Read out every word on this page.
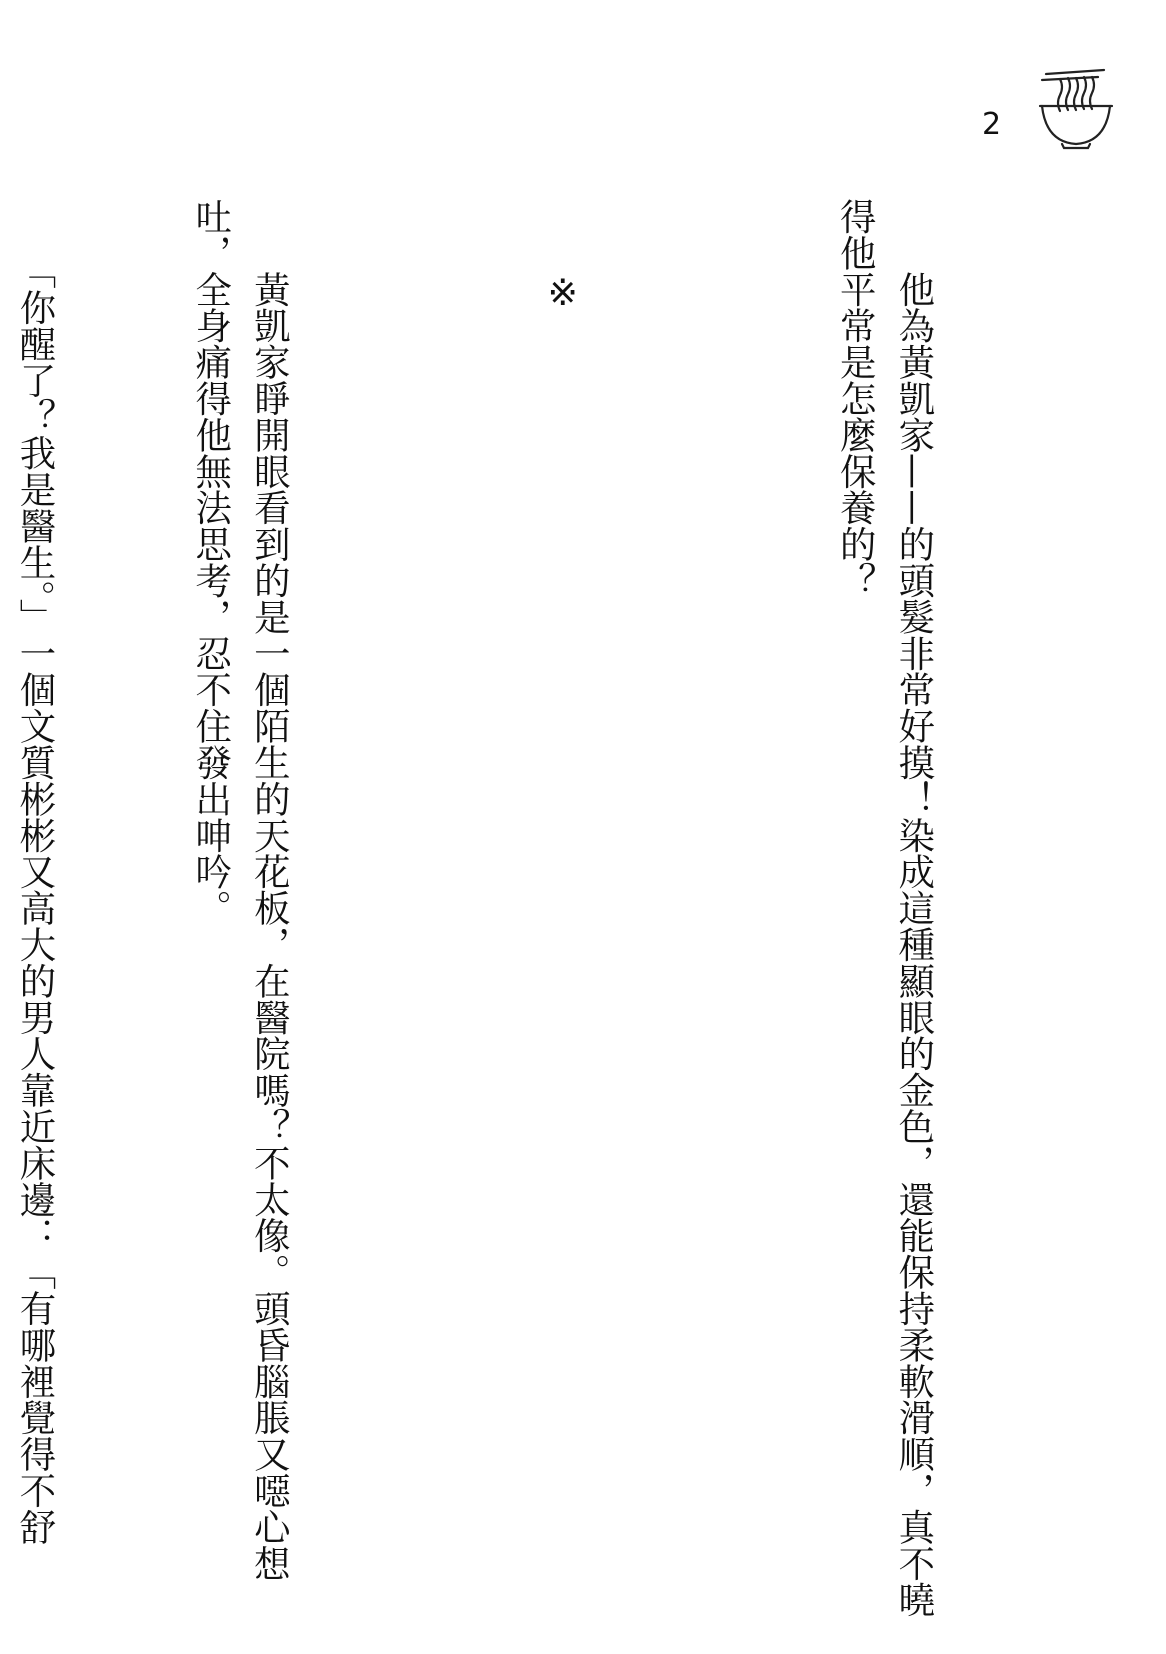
2

　　他為黃凱家——的頭髮非常好摸！染成這種顯眼的金色，還能保持柔軟滑順，真不曉
得他平常是怎麼保養的？

　　※

　　黃凱家睜開眼看到的是一個陌生的天花板，在醫院嗎？不太像。頭昏腦脹又噁心想
吐，全身痛得他無法思考，忍不住發出呻吟。

　　「你醒了？我是醫生。」一個文質彬彬又高大的男人靠近床邊：「有哪裡覺得不舒
